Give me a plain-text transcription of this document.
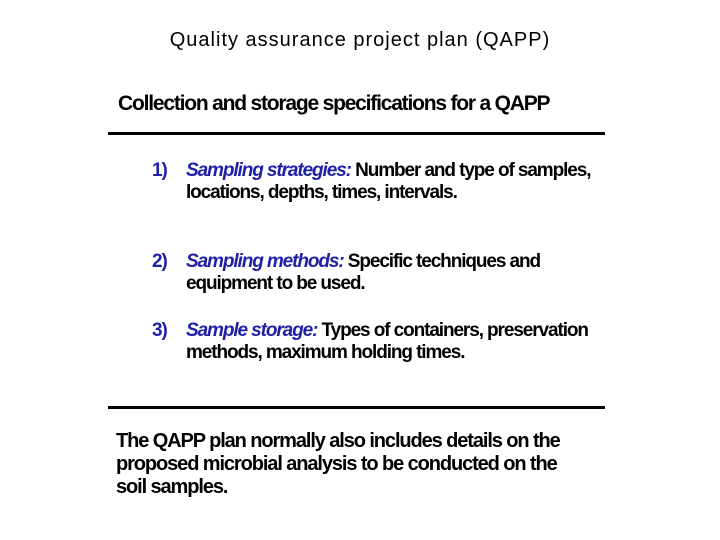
Quality assurance project plan (QAPP)
Collection and storage specifications for a QAPP
1) Sampling strategies: Number and type of samples, locations, depths, times, intervals.
2) Sampling methods: Specific techniques and equipment to be used.
3) Sample storage: Types of containers, preservation methods, maximum holding times.
The QAPP plan normally also includes details on the proposed microbial analysis to be conducted on the soil samples.
